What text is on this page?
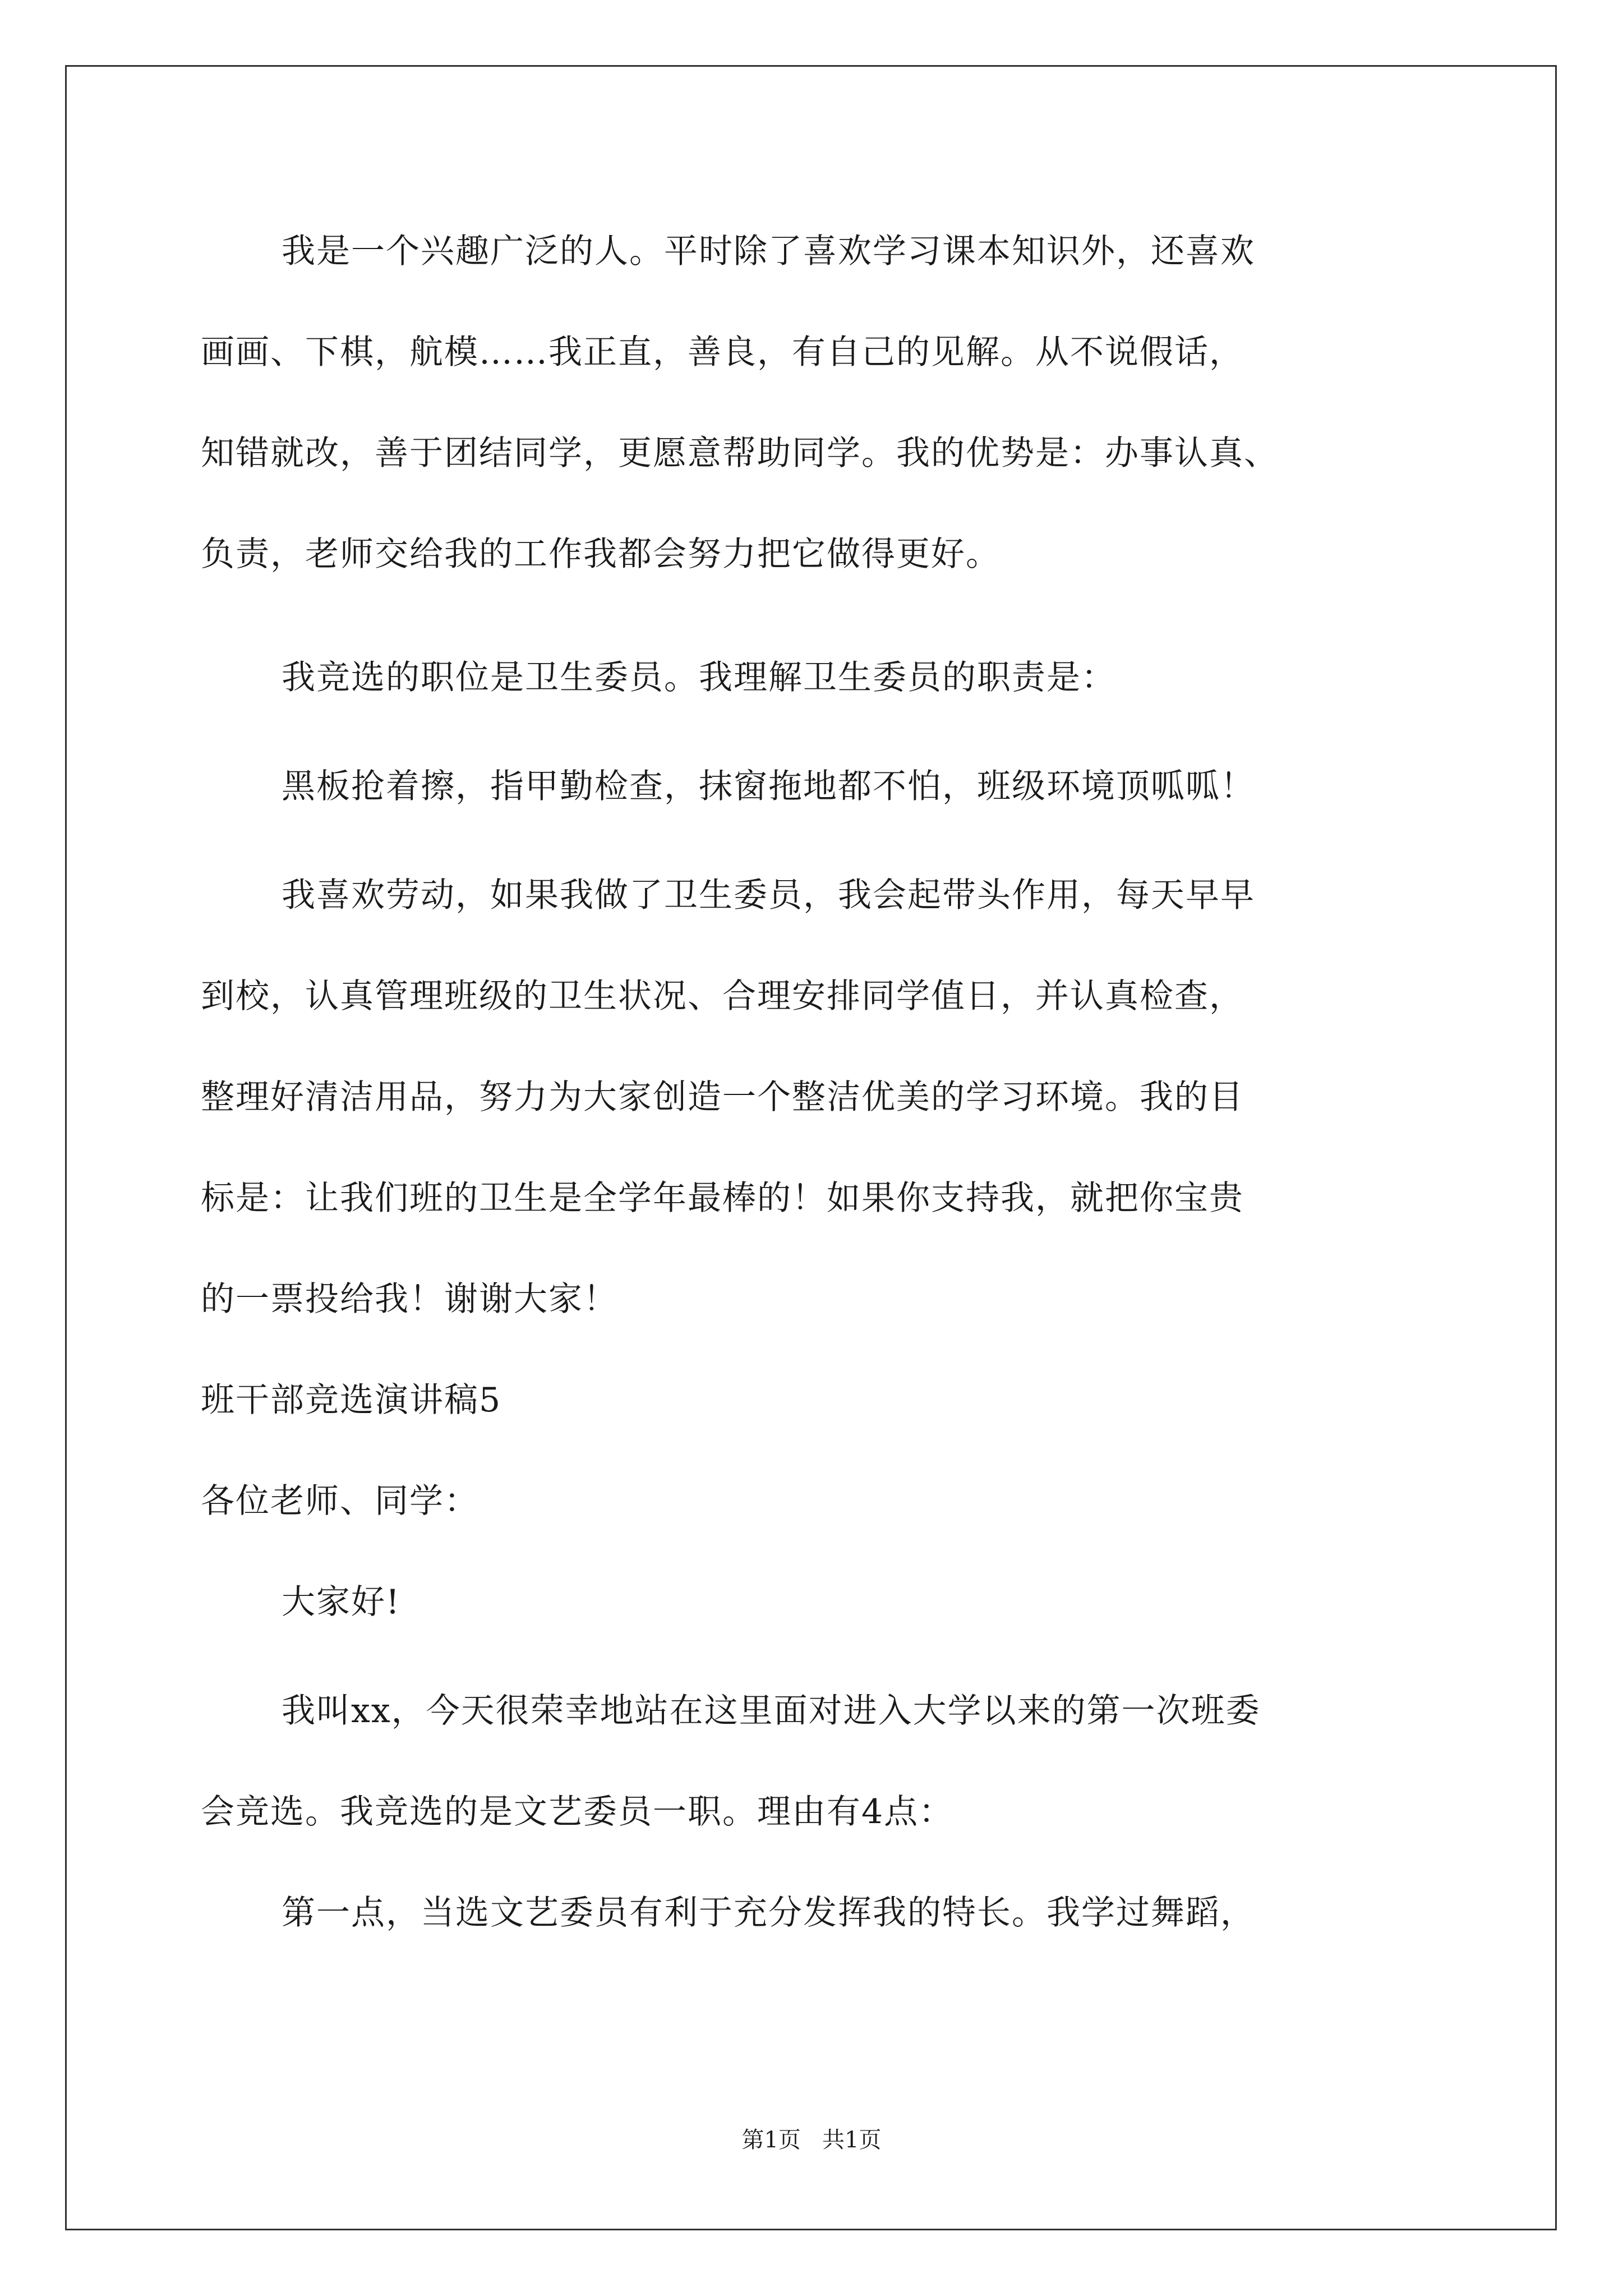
我是一个兴趣广泛的人。平时除了喜欢学习课本知识外，还喜欢
画画、下棋，航模……我正直，善良，有自己的见解。从不说假话，
知错就改，善于团结同学，更愿意帮助同学。我的优势是：办事认真、
负责，老师交给我的工作我都会努力把它做得更好。
我竞选的职位是卫生委员。我理解卫生委员的职责是：
黑板抢着擦，指甲勤检查，抹窗拖地都不怕，班级环境顶呱呱！
我喜欢劳动，如果我做了卫生委员，我会起带头作用，每天早早
到校，认真管理班级的卫生状况、合理安排同学值日，并认真检查，
整理好清洁用品，努力为大家创造一个整洁优美的学习环境。我的目
标是：让我们班的卫生是全学年最棒的！如果你支持我，就把你宝贵
的一票投给我！谢谢大家！
班干部竞选演讲稿5
各位老师、同学：
大家好!
我叫xx，今天很荣幸地站在这里面对进入大学以来的第一次班委
会竞选。我竞选的是文艺委员一职。理由有4点：
第一点，当选文艺委员有利于充分发挥我的特长。我学过舞蹈，
第1页   共1页
